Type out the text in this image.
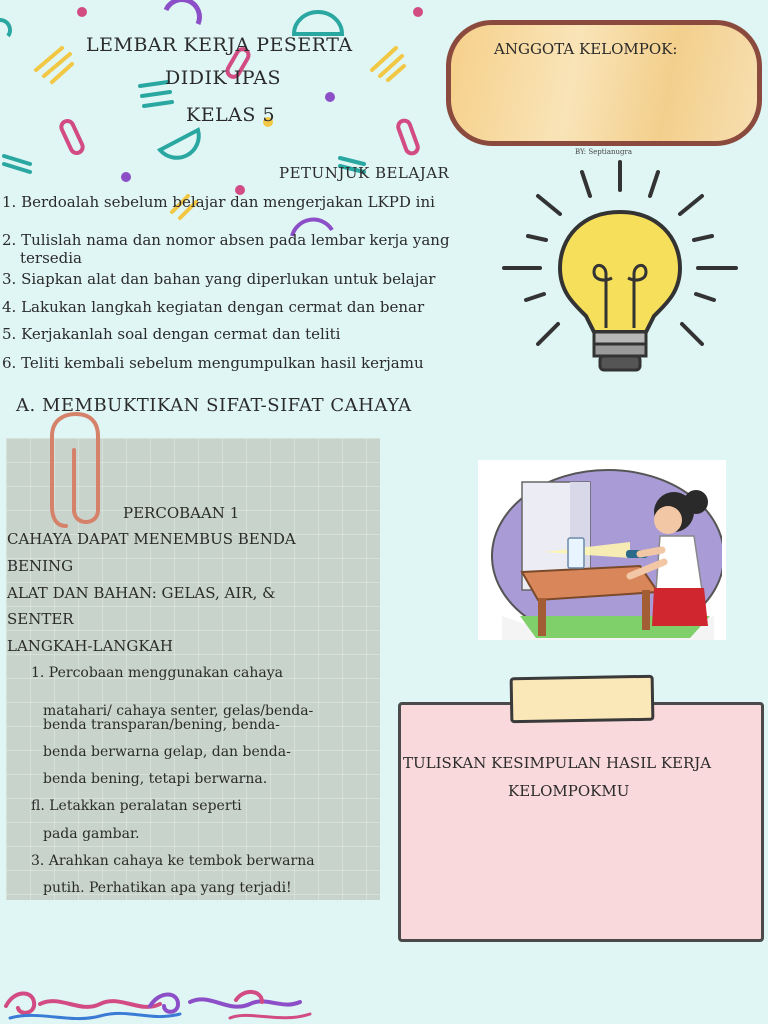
LEMBAR KERJA PESERTA
DIDIK IPAS
KELAS 5
ANGGOTA KELOMPOK:
BY: Septianugra
PETUNJUK BELAJAR
1. Berdoalah sebelum belajar dan mengerjakan LKPD ini
2. Tulislah nama dan nomor absen pada lembar kerja yang
tersedia
3. Siapkan alat dan bahan yang diperlukan untuk belajar
4. Lakukan langkah kegiatan dengan cermat dan benar
5. Kerjakanlah soal dengan cermat dan teliti
6. Teliti kembali sebelum mengumpulkan hasil kerjamu
A. MEMBUKTIKAN SIFAT-SIFAT CAHAYA
PERCOBAAN 1
CAHAYA DAPAT MENEMBUS BENDA
BENING
ALAT DAN BAHAN: GELAS, AIR, &
SENTER
LANGKAH-LANGKAH
1. Percobaan menggunakan cahaya
matahari/ cahaya senter, gelas/benda-
benda transparan/bening, benda-
benda berwarna gelap, dan benda-
benda bening, tetapi berwarna.
fl. Letakkan peralatan seperti
pada gambar.
3. Arahkan cahaya ke tembok berwarna
putih. Perhatikan apa yang terjadi!
TULISKAN KESIMPULAN HASIL KERJA
KELOMPOKMU
